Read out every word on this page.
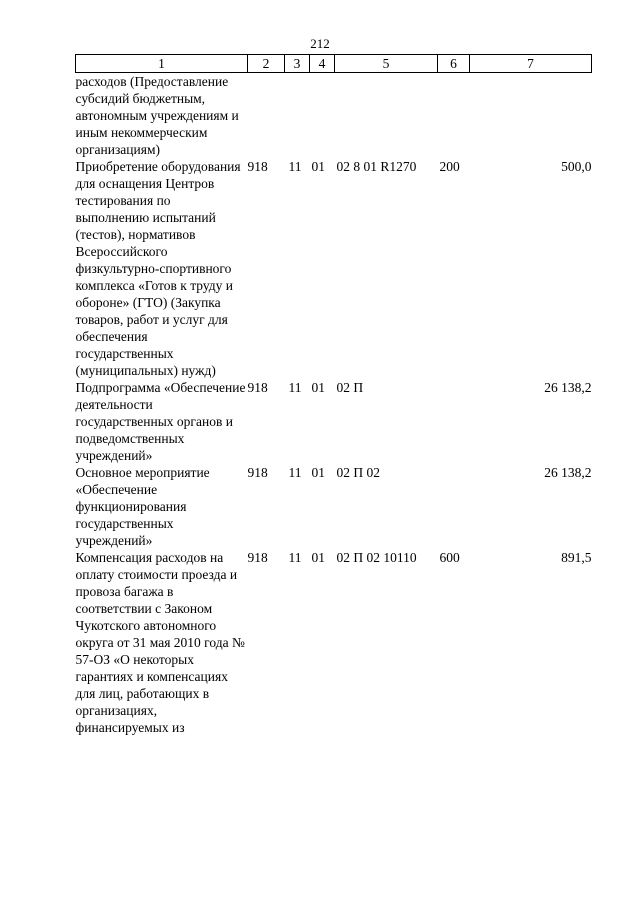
212
1	2	3	4	5	6	7
расходов (Предоставление субсидий бюджетным, автономным учреждениям и иным некоммерческим организациям)						
Приобретение оборудования для оснащения Центров тестирования по выполнению испытаний (тестов), нормативов Всероссийского физкультурно-спортивного комплекса «Готов к труду и обороне» (ГТО) (Закупка товаров, работ и услуг для обеспечения государственных (муниципальных) нужд)	918	11	01	02 8 01 R1270	200	500,0
Подпрограмма «Обеспечение деятельности государственных органов и подведомственных учреждений»	918	11	01	02 П		26 138,2
Основное мероприятие «Обеспечение функционирования государственных учреждений»	918	11	01	02 П 02		26 138,2
Компенсация расходов на оплату стоимости проезда и провоза багажа в соответствии с Законом Чукотского автономного округа от 31 мая 2010 года № 57-ОЗ «О некоторых гарантиях и компенсациях для лиц, работающих в организациях, финансируемых из	918	11	01	02 П 02 10110	600	891,5
